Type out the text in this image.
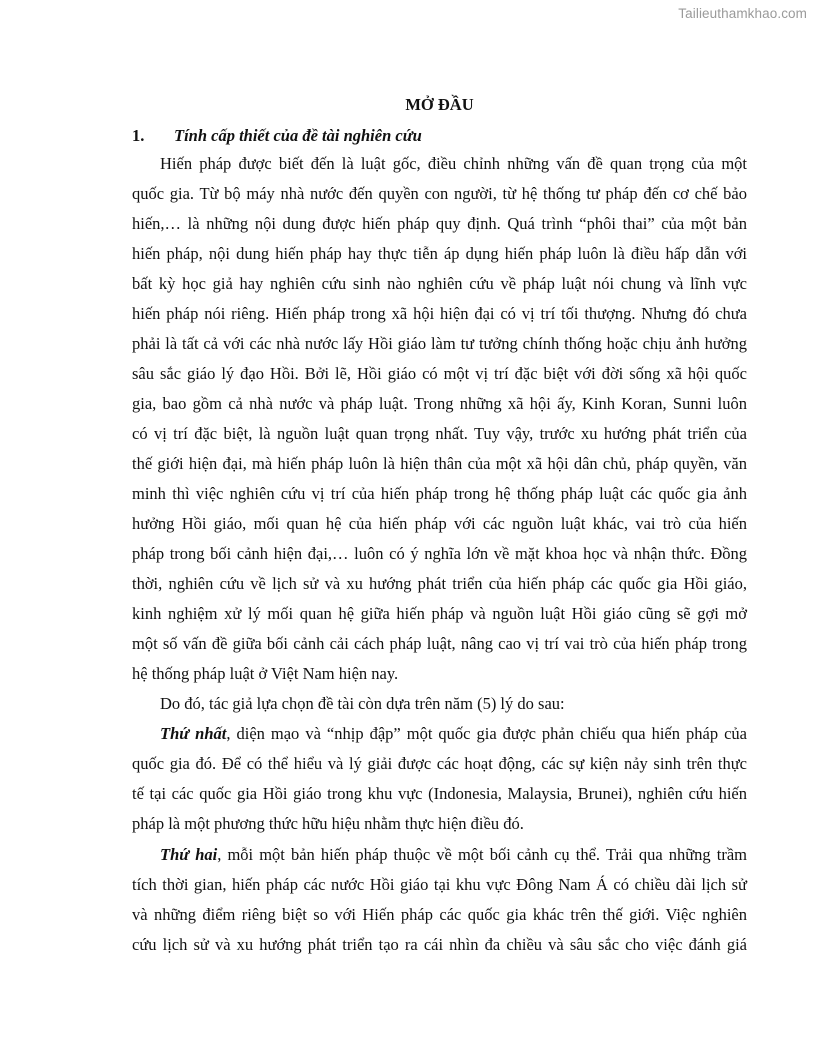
Tailieuthamkhao.com
MỞ ĐẦU
1. Tính cấp thiết của đề tài nghiên cứu
Hiến pháp được biết đến là luật gốc, điều chỉnh những vấn đề quan trọng của một
quốc gia. Từ bộ máy nhà nước đến quyền con người, từ hệ thống tư pháp đến cơ chế bảo
hiến,… là những nội dung được hiến pháp quy định. Quá trình “phôi thai” của một bản
hiến pháp, nội dung hiến pháp hay thực tiễn áp dụng hiến pháp luôn là điều hấp dẫn với
bất kỳ học giả hay nghiên cứu sinh nào nghiên cứu về pháp luật nói chung và lĩnh vực
hiến pháp nói riêng. Hiến pháp trong xã hội hiện đại có vị trí tối thượng. Nhưng đó chưa
phải là tất cả với các nhà nước lấy Hồi giáo làm tư tưởng chính thống hoặc chịu ảnh hưởng
sâu sắc giáo lý đạo Hồi. Bởi lẽ, Hồi giáo có một vị trí đặc biệt với đời sống xã hội quốc
gia, bao gồm cả nhà nước và pháp luật. Trong những xã hội ấy, Kinh Koran, Sunni luôn
có vị trí đặc biệt, là nguồn luật quan trọng nhất. Tuy vậy, trước xu hướng phát triển của
thế giới hiện đại, mà hiến pháp luôn là hiện thân của một xã hội dân chủ, pháp quyền, văn
minh thì việc nghiên cứu vị trí của hiến pháp trong hệ thống pháp luật các quốc gia ảnh
hưởng Hồi giáo, mối quan hệ của hiến pháp với các nguồn luật khác, vai trò của hiến
pháp trong bối cảnh hiện đại,… luôn có ý nghĩa lớn về mặt khoa học và nhận thức. Đồng
thời, nghiên cứu về lịch sử và xu hướng phát triển của hiến pháp các quốc gia Hồi giáo,
kinh nghiệm xử lý mối quan hệ giữa hiến pháp và nguồn luật Hồi giáo cũng sẽ gợi mở
một số vấn đề giữa bối cảnh cải cách pháp luật, nâng cao vị trí vai trò của hiến pháp trong
hệ thống pháp luật ở Việt Nam hiện nay.
Do đó, tác giả lựa chọn đề tài còn dựa trên năm (5) lý do sau:
Thứ nhất, diện mạo và “nhịp đập” một quốc gia được phản chiếu qua hiến pháp của
quốc gia đó. Để có thể hiểu và lý giải được các hoạt động, các sự kiện nảy sinh trên thực
tế tại các quốc gia Hồi giáo trong khu vực (Indonesia, Malaysia, Brunei), nghiên cứu hiến
pháp là một phương thức hữu hiệu nhằm thực hiện điều đó.
Thứ hai, mỗi một bản hiến pháp thuộc về một bối cảnh cụ thể. Trải qua những trầm
tích thời gian, hiến pháp các nước Hồi giáo tại khu vực Đông Nam Á có chiều dài lịch sử
và những điểm riêng biệt so với Hiến pháp các quốc gia khác trên thế giới. Việc nghiên
cứu lịch sử và xu hướng phát triển tạo ra cái nhìn đa chiều và sâu sắc cho việc đánh giá
